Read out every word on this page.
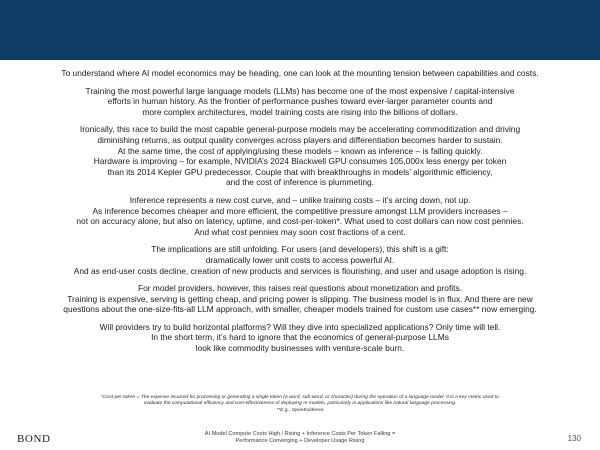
To understand where AI model economics may be heading, one can look at the mounting tension between capabilities and costs.

Training the most powerful large language models (LLMs) has become one of the most expensive / capital-intensive
efforts in human history. As the frontier of performance pushes toward ever-larger parameter counts and
more complex architectures, model training costs are rising into the billions of dollars.

Ironically, this race to build the most capable general-purpose models may be accelerating commoditization and driving
diminishing returns, as output quality converges across players and differentiation becomes harder to sustain.
At the same time, the cost of applying/using these models – known as inference – is falling quickly.
Hardware is improving – for example, NVIDIA’s 2024 Blackwell GPU consumes 105,000x less energy per token
than its 2014 Kepler GPU predecessor. Couple that with breakthroughs in models’ algorithmic efficiency,
and the cost of inference is plummeting.

Inference represents a new cost curve, and – unlike training costs – it’s arcing down, not up.
As inference becomes cheaper and more efficient, the competitive pressure amongst LLM providers increases –
not on accuracy alone, but also on latency, uptime, and cost-per-token*. What used to cost dollars can now cost pennies.
And what cost pennies may soon cost fractions of a cent.

The implications are still unfolding. For users (and developers), this shift is a gift:
dramatically lower unit costs to access powerful AI.
And as end-user costs decline, creation of new products and services is flourishing, and user and usage adoption is rising.

For model providers, however, this raises real questions about monetization and profits.
Training is expensive, serving is getting cheap, and pricing power is slipping. The business model is in flux. And there are new
questions about the one-size-fits-all LLM approach, with smaller, cheaper models trained for custom use cases** now emerging.

Will providers try to build horizontal platforms? Will they dive into specialized applications? Only time will tell.
In the short term, it’s hard to ignore that the economics of general-purpose LLMs
look like commodity businesses with venture-scale burn.

*Cost-per-token = The expense incurred for processing or generating a single token (a word, sub-word, or character) during the operation of a language model. It is a key metric used to
evaluate the computational efficiency and cost-effectiveness of deploying AI models, particularly in applications like natural language processing.
**E.g., OpenEvidence
BOND	AI Model Compute Costs High / Rising + Inference Costs Per Token Falling =
Performance Converging + Developer Usage Rising	130
